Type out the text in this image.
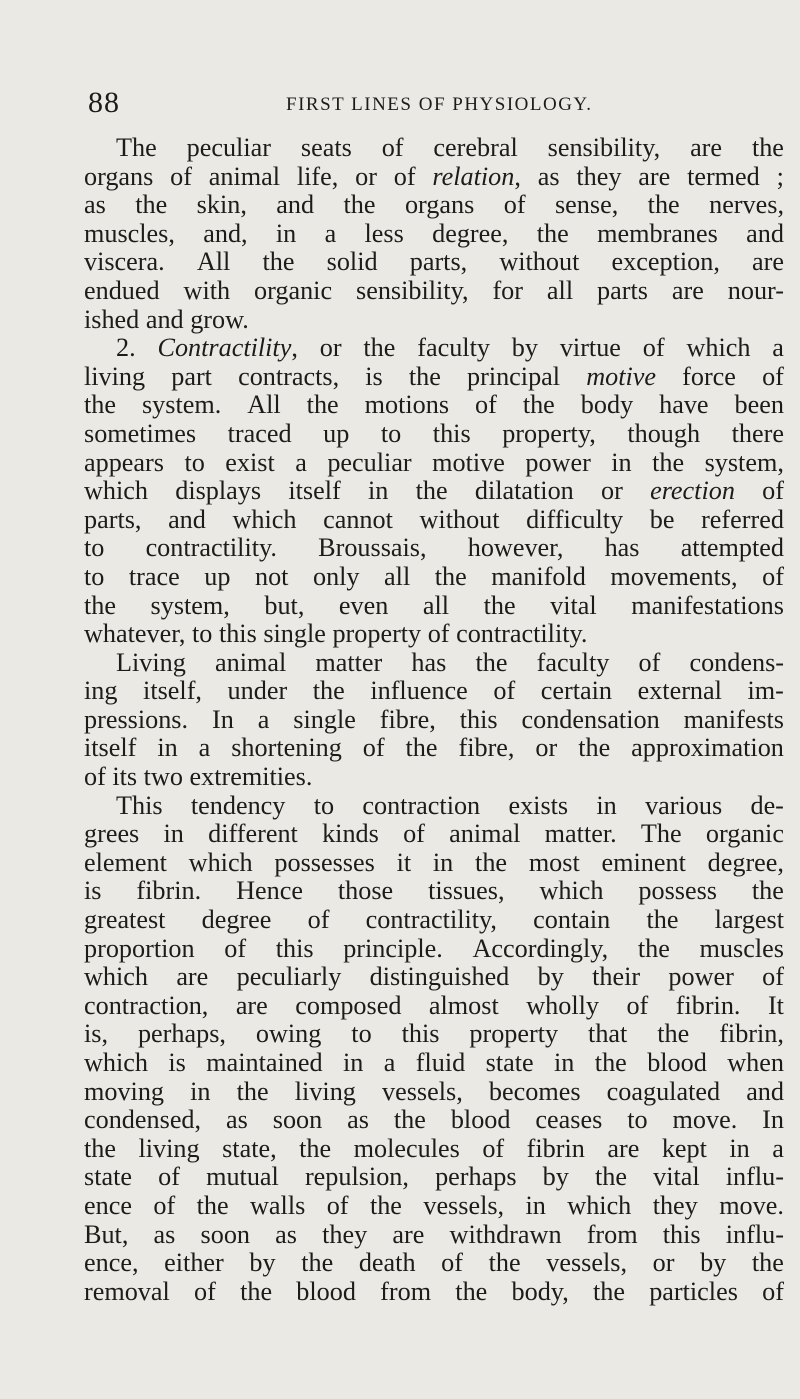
88	FIRST LINES OF PHYSIOLOGY.
The peculiar seats of cerebral sensibility, are the
organs of animal life, or of relation, as they are termed ;
as the skin, and the organs of sense, the nerves,
muscles, and, in a less degree, the membranes and
viscera. All the solid parts, without exception, are
endued with organic sensibility, for all parts are nour-
ished
and
grow.

2. Contractility, or the faculty by virtue of which a
living part contracts, is the principal motive force of
the system. All the motions of the body have been
sometimes traced up to this property, though there
appears to exist a peculiar motive power in the system,
which displays itself in the dilatation or erection of
parts, and which cannot without difficulty be referred
to contractility. Broussais, however, has attempted
to trace up not only all the manifold movements, of
the system, but, even all the vital manifestations
whatever,
to
this
single
property
of
contractility.

Living animal matter has the faculty of condens-
ing itself, under the influence of certain external im-
pressions. In a single fibre, this condensation manifests
itself in a shortening of the fibre, or the approximation
of
its
two
extremities.

This tendency to contraction exists in various de-
grees in different kinds of animal matter. The organic
element which possesses it in the most eminent degree,
is fibrin. Hence those tissues, which possess the
greatest degree of contractility, contain the largest
proportion of this principle. Accordingly, the muscles
which are peculiarly distinguished by their power of
contraction, are composed almost wholly of fibrin. It
is, perhaps, owing to this property that the fibrin,
which is maintained in a fluid state in the blood when
moving in the living vessels, becomes coagulated and
condensed, as soon as the blood ceases to move. In
the living state, the molecules of fibrin are kept in a
state of mutual repulsion, perhaps by the vital influ-
ence of the walls of the vessels, in which they move.
But, as soon as they are withdrawn from this influ-
ence, either by the death of the vessels, or by the
removal of the blood from the body, the particles of
